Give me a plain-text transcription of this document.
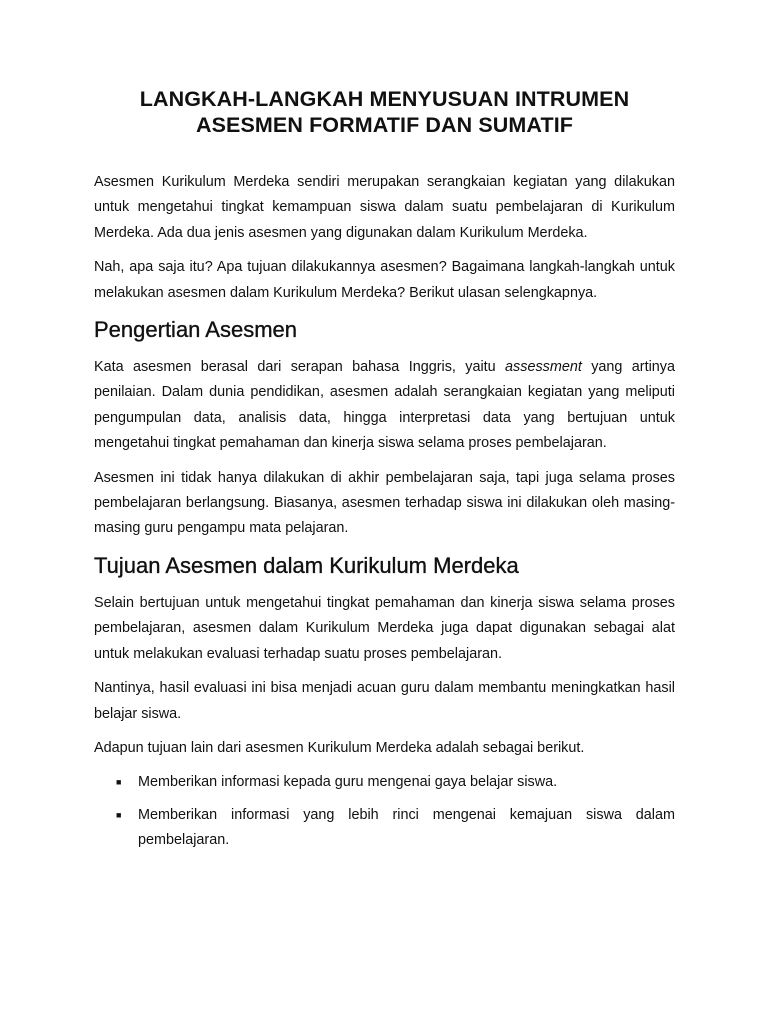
LANGKAH-LANGKAH MENYUSUAN INTRUMEN
ASESMEN FORMATIF DAN SUMATIF

Asesmen Kurikulum Merdeka sendiri merupakan serangkaian kegiatan yang dilakukan untuk mengetahui tingkat kemampuan siswa dalam suatu pembelajaran di Kurikulum Merdeka. Ada dua jenis asesmen yang digunakan dalam Kurikulum Merdeka.

Nah, apa saja itu? Apa tujuan dilakukannya asesmen? Bagaimana langkah-langkah untuk melakukan asesmen dalam Kurikulum Merdeka? Berikut ulasan selengkapnya.

Pengertian Asesmen

Kata asesmen berasal dari serapan bahasa Inggris, yaitu assessment yang artinya penilaian. Dalam dunia pendidikan, asesmen adalah serangkaian kegiatan yang meliputi pengumpulan data, analisis data, hingga interpretasi data yang bertujuan untuk mengetahui tingkat pemahaman dan kinerja siswa selama proses pembelajaran.

Asesmen ini tidak hanya dilakukan di akhir pembelajaran saja, tapi juga selama proses pembelajaran berlangsung. Biasanya, asesmen terhadap siswa ini dilakukan oleh masing-masing guru pengampu mata pelajaran.

Tujuan Asesmen dalam Kurikulum Merdeka

Selain bertujuan untuk mengetahui tingkat pemahaman dan kinerja siswa selama proses pembelajaran, asesmen dalam Kurikulum Merdeka juga dapat digunakan sebagai alat untuk melakukan evaluasi terhadap suatu proses pembelajaran.

Nantinya, hasil evaluasi ini bisa menjadi acuan guru dalam membantu meningkatkan hasil belajar siswa.

Adapun tujuan lain dari asesmen Kurikulum Merdeka adalah sebagai berikut.

■ Memberikan informasi kepada guru mengenai gaya belajar siswa.
■ Memberikan informasi yang lebih rinci mengenai kemajuan siswa dalam pembelajaran.
